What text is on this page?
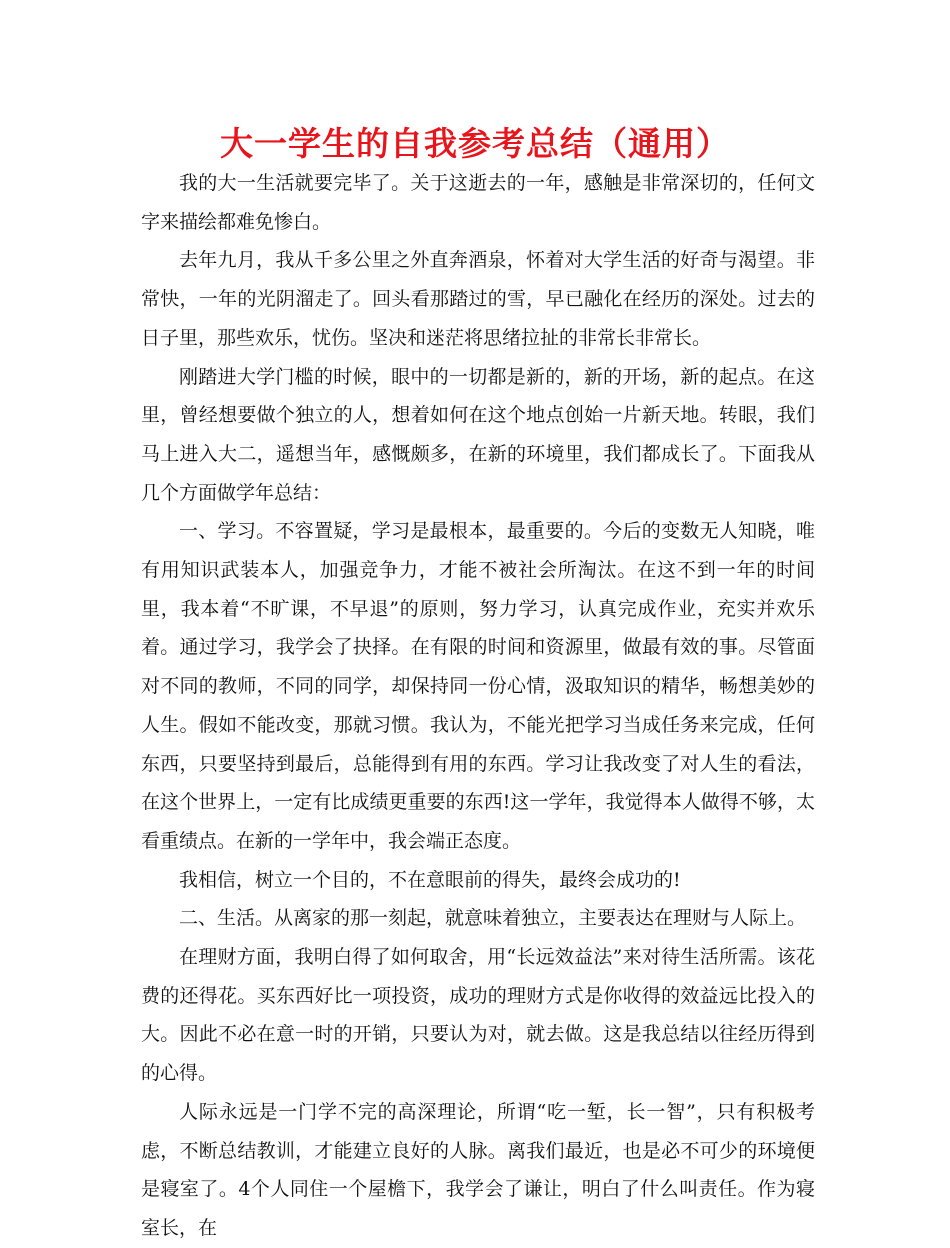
大一学生的自我参考总结（通用）

我的大一生活就要完毕了。关于这逝去的一年，感触是非常深切的，任何文字来描绘都难免惨白。

去年九月，我从千多公里之外直奔酒泉，怀着对大学生活的好奇与渴望。非常快，一年的光阴溜走了。回头看那踏过的雪，早已融化在经历的深处。过去的日子里，那些欢乐，忧伤。坚决和迷茫将思绪拉扯的非常长非常长。

刚踏进大学门槛的时候，眼中的一切都是新的，新的开场，新的起点。在这里，曾经想要做个独立的人，想着如何在这个地点创始一片新天地。转眼，我们马上进入大二，遥想当年，感慨颇多，在新的环境里，我们都成长了。下面我从几个方面做学年总结：

一、学习。不容置疑，学习是最根本，最重要的。今后的变数无人知晓，唯有用知识武装本人，加强竞争力，才能不被社会所淘汰。在这不到一年的时间里，我本着“不旷课，不早退”的原则，努力学习，认真完成作业，充实并欢乐着。通过学习，我学会了抉择。在有限的时间和资源里，做最有效的事。尽管面对不同的教师，不同的同学，却保持同一份心情，汲取知识的精华，畅想美妙的人生。假如不能改变，那就习惯。我认为，不能光把学习当成任务来完成，任何东西，只要坚持到最后，总能得到有用的东西。学习让我改变了对人生的看法，在这个世界上，一定有比成绩更重要的东西!这一学年，我觉得本人做得不够，太看重绩点。在新的一学年中，我会端正态度。

我相信，树立一个目的，不在意眼前的得失，最终会成功的!

二、生活。从离家的那一刻起，就意味着独立，主要表达在理财与人际上。

在理财方面，我明白得了如何取舍，用“长远效益法”来对待生活所需。该花费的还得花。买东西好比一项投资，成功的理财方式是你收得的效益远比投入的大。因此不必在意一时的开销，只要认为对，就去做。这是我总结以往经历得到的心得。

人际永远是一门学不完的高深理论，所谓“吃一堑，长一智”，只有积极考虑，不断总结教训，才能建立良好的人脉。离我们最近，也是必不可少的环境便是寝室了。4个人同住一个屋檐下，我学会了谦让，明白了什么叫责任。作为寝室长，在
